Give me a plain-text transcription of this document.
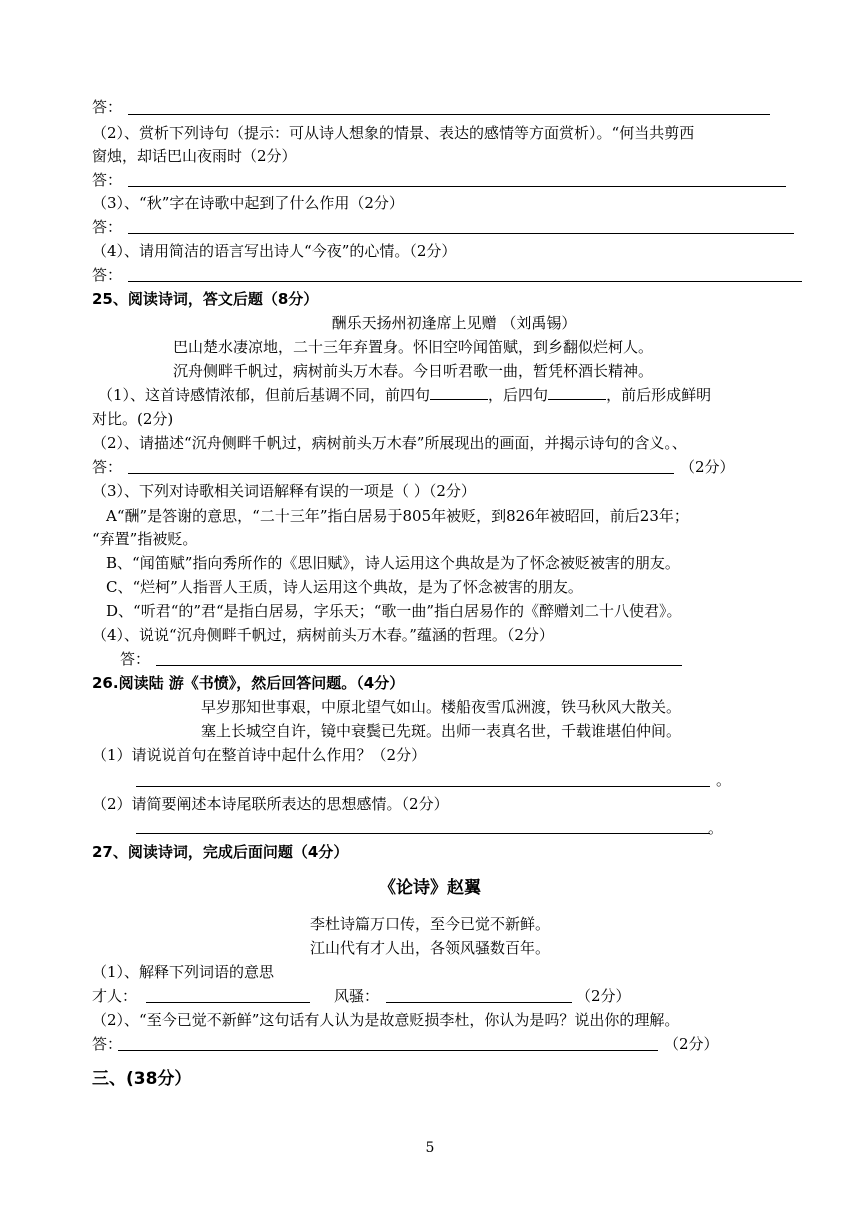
答：
（2）、赏析下列诗句（提示：可从诗人想象的情景、表达的感情等方面赏析）。“何当共剪西
窗烛，却话巴山夜雨时（2分）
答：
（3）、“秋”字在诗歌中起到了什么作用（2分）
答：
（4）、请用简洁的语言写出诗人“今夜”的心情。（2分）
答：
25、阅读诗词，答文后题（8分）
酬乐天扬州初逢席上见赠 （刘禹锡）
巴山楚水凄凉地，二十三年弃置身。怀旧空吟闻笛赋，到乡翻似烂柯人。
沉舟侧畔千帆过，病树前头万木春。今日听君歌一曲，暂凭杯酒长精神。
（1）、这首诗感情浓郁，但前后基调不同，前四句	，后四句	，前后形成鲜明
对比。(2分)
（2）、请描述“沉舟侧畔千帆过，病树前头万木春”所展现出的画面，并揭示诗句的含义。、
答：	（2分）
（3）、下列对诗歌相关词语解释有误的一项是（ ）（2分）
A“酬”是答谢的意思，“二十三年”指白居易于805年被贬，到826年被昭回，前后23年；
“弃置”指被贬。
B、“闻笛赋”指向秀所作的《思旧赋》，诗人运用这个典故是为了怀念被贬被害的朋友。
C、“烂柯”人指晋人王质，诗人运用这个典故，是为了怀念被害的朋友。
D、“听君“的”君“是指白居易，字乐天；“歌一曲”指白居易作的《醉赠刘二十八使君》。
（4）、说说“沉舟侧畔千帆过，病树前头万木春。”蕴涵的哲理。（2分）
答：
26.阅读陆 游《书愤》，然后回答问题。（4分）
早岁那知世事艰，中原北望气如山。楼船夜雪瓜洲渡，铁马秋风大散关。
塞上长城空自许，镜中衰鬓已先斑。出师一表真名世，千载谁堪伯仲间。
（1）请说说首句在整首诗中起什么作用？（2分）
。
（2）请简要阐述本诗尾联所表达的思想感情。（2分）
。
27、阅读诗词，完成后面问题（4分）
《论诗》赵翼
李杜诗篇万口传，至今已觉不新鲜。
江山代有才人出，各领风骚数百年。
（1）、解释下列词语的意思
才人：	风骚：	（2分）
（2）、“至今已觉不新鲜”这句话有人认为是故意贬损李杜，你认为是吗？说出你的理解。
答：	（2分）
三、(38分）
5
